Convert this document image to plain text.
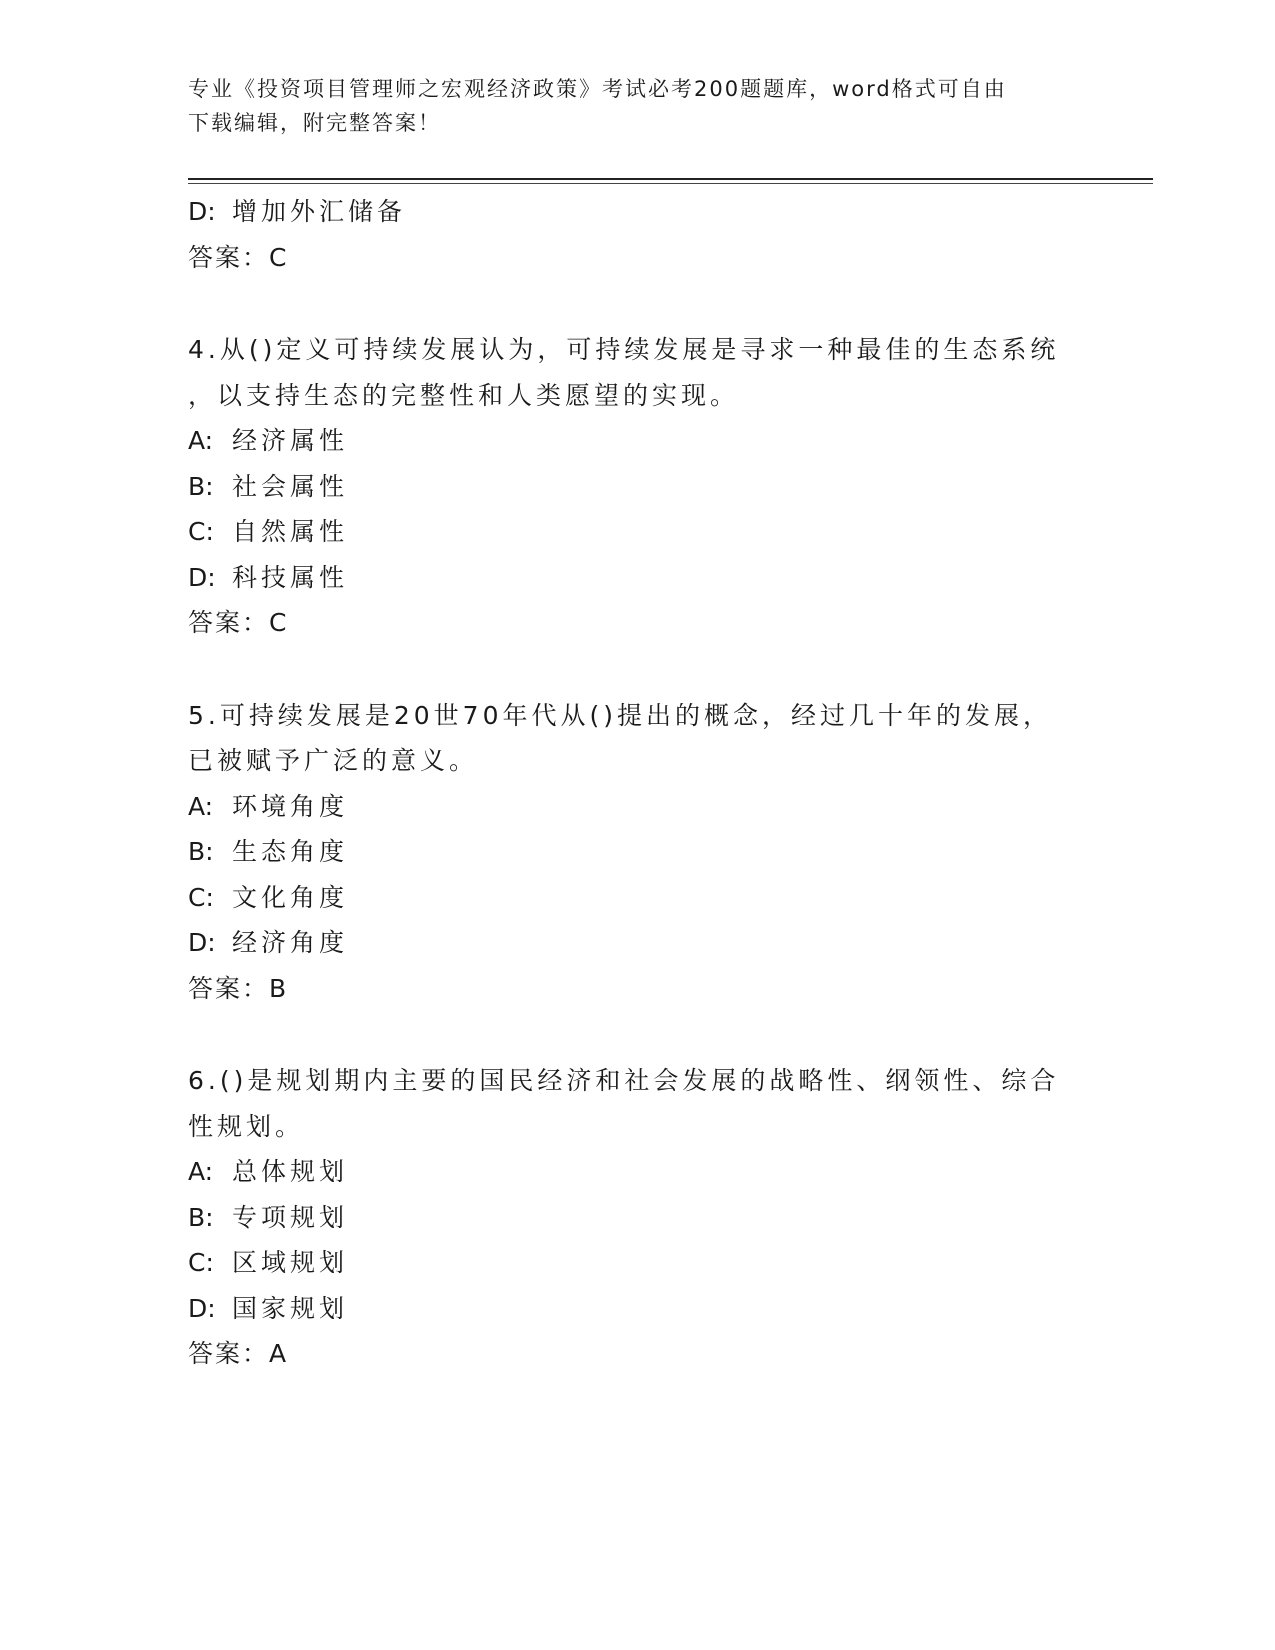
专业《投资项目管理师之宏观经济政策》考试必考200题题库，word格式可自由
下载编辑，附完整答案！
D: 增加外汇储备
答案：C
4.从()定义可持续发展认为，可持续发展是寻求一种最佳的生态系统
，以支持生态的完整性和人类愿望的实现。
A: 经济属性
B: 社会属性
C: 自然属性
D: 科技属性
答案：C
5.可持续发展是20世70年代从()提出的概念，经过几十年的发展，
已被赋予广泛的意义。
A: 环境角度
B: 生态角度
C: 文化角度
D: 经济角度
答案：B
6.()是规划期内主要的国民经济和社会发展的战略性、纲领性、综合
性规划。
A: 总体规划
B: 专项规划
C: 区域规划
D: 国家规划
答案：A
